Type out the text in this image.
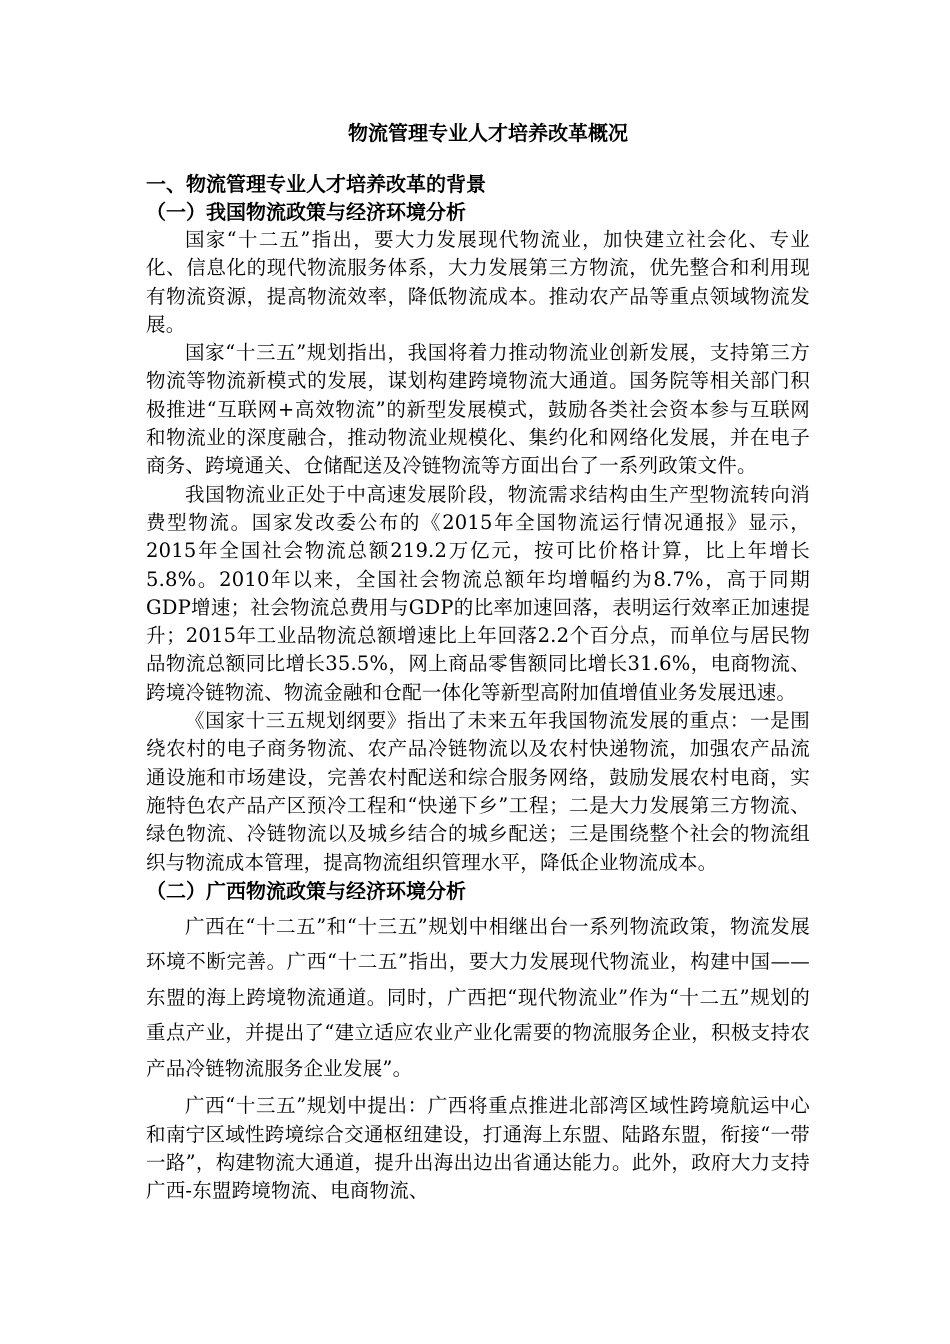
物流管理专业人才培养改革概况
一、物流管理专业人才培养改革的背景
（一）我国物流政策与经济环境分析

国家“十二五”指出，要大力发展现代物流业，加快建立社会化、专业化、信息化的现代物流服务体系，大力发展第三方物流，优先整合和利用现有物流资源，提高物流效率，降低物流成本。推动农产品等重点领域物流发展。

国家“十三五”规划指出，我国将着力推动物流业创新发展，支持第三方物流等物流新模式的发展，谋划构建跨境物流大通道。国务院等相关部门积极推进“互联网+高效物流”的新型发展模式，鼓励各类社会资本参与互联网和物流业的深度融合，推动物流业规模化、集约化和网络化发展，并在电子商务、跨境通关、仓储配送及冷链物流等方面出台了一系列政策文件。

我国物流业正处于中高速发展阶段，物流需求结构由生产型物流转向消费型物流。国家发改委公布的《2015年全国物流运行情况通报》显示，2015年全国社会物流总额219.2万亿元，按可比价格计算，比上年增长5.8%。2010年以来，全国社会物流总额年均增幅约为8.7%，高于同期GDP增速；社会物流总费用与GDP的比率加速回落，表明运行效率正加速提升；2015年工业品物流总额增速比上年回落2.2个百分点，而单位与居民物品物流总额同比增长35.5%，网上商品零售额同比增长31.6%，电商物流、跨境冷链物流、物流金融和仓配一体化等新型高附加值增值业务发展迅速。

《国家十三五规划纲要》指出了未来五年我国物流发展的重点：一是围绕农村的电子商务物流、农产品冷链物流以及农村快递物流，加强农产品流通设施和市场建设，完善农村配送和综合服务网络，鼓励发展农村电商，实施特色农产品产区预冷工程和“快递下乡”工程；二是大力发展第三方物流、绿色物流、冷链物流以及城乡结合的城乡配送；三是围绕整个社会的物流组织与物流成本管理，提高物流组织管理水平，降低企业物流成本。

（二）广西物流政策与经济环境分析

广西在“十二五”和“十三五”规划中相继出台一系列物流政策，物流发展环境不断完善。广西“十二五”指出，要大力发展现代物流业，构建中国——东盟的海上跨境物流通道。同时，广西把“现代物流业”作为“十二五”规划的重点产业，并提出了“建立适应农业产业化需要的物流服务企业，积极支持农产品冷链物流服务企业发展”。

广西“十三五”规划中提出：广西将重点推进北部湾区域性跨境航运中心和南宁区域性跨境综合交通枢纽建设，打通海上东盟、陆路东盟，衔接“一带一路”，构建物流大通道，提升出海出边出省通达能力。此外，政府大力支持广西-东盟跨境物流、电商物流、
